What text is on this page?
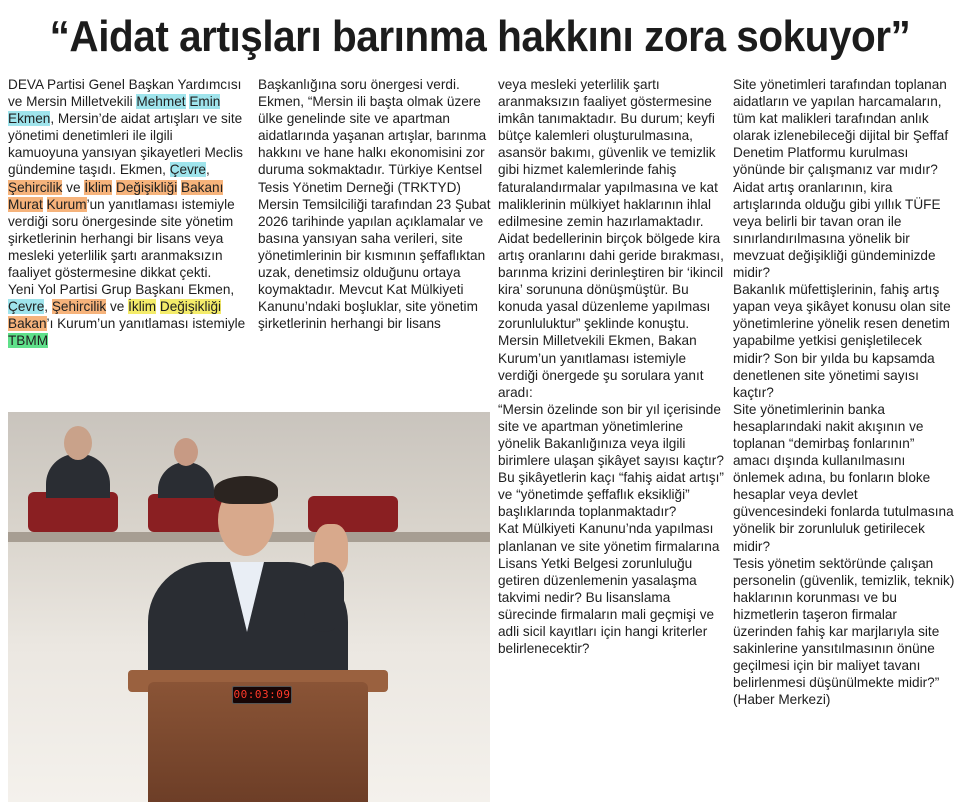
“Aidat artışları barınma hakkını zora sokuyor”
DEVA Partisi Genel Başkan Yardımcısı ve Mersin Milletvekili Mehmet Emin Ekmen, Mersin’de aidat artışları ve site yönetimi denetimleri ile ilgili kamuoyuna yansıyan şikayetleri Meclis gündemine taşıdı. Ekmen, Çevre,
Şehircilik ve İklim Değişikliği Bakanı Murat Kurum’un yanıtlaması istemiyle verdiği soru önergesinde site yönetim şirketlerinin herhangi bir lisans veya mesleki yeterlilik şartı aranmaksızın faaliyet göstermesine dikkat çekti.
Yeni Yol Partisi Grup Başkanı Ekmen, Çevre, Şehircilik ve İklim Değişikliği Bakan’ı Kurum’un yanıtlaması istemiyle TBMM
Başkanlığına soru önergesi verdi. Ekmen, “Mersin ili başta olmak üzere ülke genelinde site ve apartman aidatlarında yaşanan artışlar, barınma hakkını ve hane halkı ekonomisini zor duruma sokmaktadır. Türkiye Kentsel Tesis Yönetim Derneği (TRKTYD) Mersin Temsilciliği tarafından 23 Şubat 2026 tarihinde yapılan açıklamalar ve basına yansıyan saha verileri, site yönetimlerinin bir kısmının şeffaflıktan uzak, denetimsiz olduğunu ortaya koymaktadır. Mevcut Kat Mülkiyeti Kanunu’ndaki boşluklar, site yönetim şirketlerinin herhangi bir lisans
veya mesleki yeterlilik şartı aranmaksızın faaliyet göstermesine imkân tanımaktadır. Bu durum; keyfi bütçe kalemleri oluşturulmasına, asansör bakımı, güvenlik ve temizlik gibi hizmet kalemlerinde fahiş faturalandırmalar yapılmasına ve kat maliklerinin mülkiyet haklarının ihlal edilmesine zemin hazırlamaktadır. Aidat bedellerinin birçok bölgede kira artış oranlarını dahi geride bırakması, barınma krizini derinleştiren bir ‘ikincil kira’ sorununa dönüşmüştür. Bu konuda yasal düzenleme yapılması zorunluluktur” şeklinde konuştu.
Mersin Milletvekili Ekmen, Bakan Kurum’un yanıtlaması istemiyle verdiği önergede şu sorulara yanıt aradı:
“Mersin özelinde son bir yıl içerisinde site ve apartman yönetimlerine yönelik Bakanlığınıza veya ilgili birimlere ulaşan şikâyet sayısı kaçtır? Bu şikâyetlerin kaçı “fahiş aidat artışı” ve “yönetimde şeffaflık eksikliği” başlıklarında toplanmaktadır?
Kat Mülkiyeti Kanunu’nda yapılması planlanan ve site yönetim firmalarına Lisans Yetki Belgesi zorunluluğu getiren düzenlemenin yasalaşma takvimi nedir? Bu lisanslama sürecinde firmaların mali geçmişi ve adli sicil kayıtları için hangi kriterler belirlenecektir?
Site yönetimleri tarafından toplanan aidatların ve yapılan harcamaların, tüm kat malikleri tarafından anlık olarak izlenebileceği dijital bir Şeffaf Denetim Platformu kurulması yönünde bir çalışmanız var mıdır?
Aidat artış oranlarının, kira artışlarında olduğu gibi yıllık TÜFE veya belirli bir tavan oran ile sınırlandırılmasına yönelik bir mevzuat değişikliği gündeminizde midir?
Bakanlık müfettişlerinin, fahiş artış yapan veya şikâyet konusu olan site yönetimlerine yönelik resen denetim yapabilme yetkisi genişletilecek midir? Son bir yılda bu kapsamda denetlenen site yönetimi sayısı kaçtır?
Site yönetimlerinin banka hesaplarındaki nakit akışının ve toplanan “demirbaş fonlarının” amacı dışında kullanılmasını önlemek adına, bu fonların bloke hesaplar veya devlet güvencesindeki fonlarda tutulmasına yönelik bir zorunluluk getirilecek midir?
Tesis yönetim sektöründe çalışan personelin (güvenlik, temizlik, teknik) haklarının korunması ve bu hizmetlerin taşeron firmalar üzerinden fahiş kar marjlarıyla site sakinlerine yansıtılmasının önüne geçilmesi için bir maliyet tavanı belirlenmesi düşünülmekte midir?” (Haber Merkezi)
00:03:09
